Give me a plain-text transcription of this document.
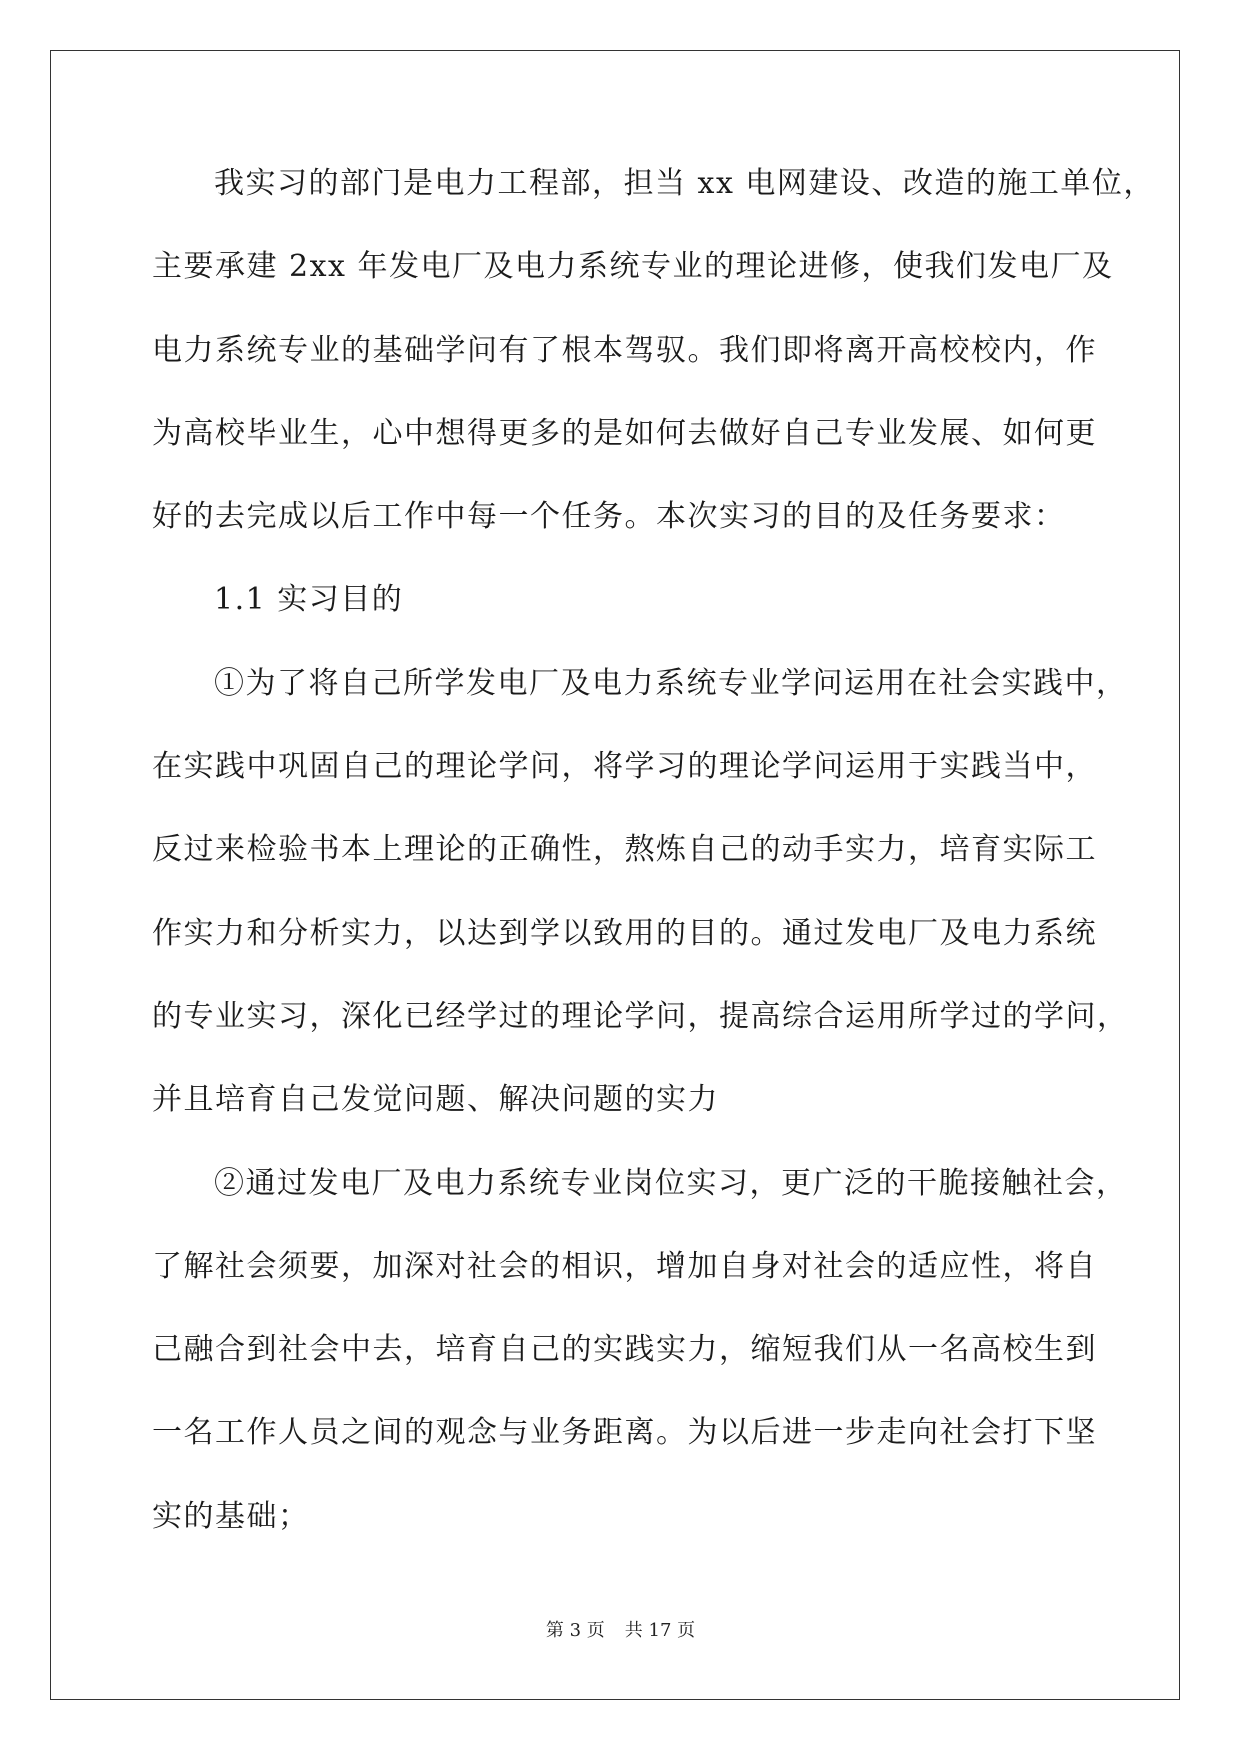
我实习的部门是电力工程部，担当 xx 电网建设、改造的施工单位，
主要承建 2xx 年发电厂及电力系统专业的理论进修，使我们发电厂及
电力系统专业的基础学问有了根本驾驭。我们即将离开高校校内，作
为高校毕业生，心中想得更多的是如何去做好自己专业发展、如何更
好的去完成以后工作中每一个任务。本次实习的目的及任务要求：
1.1 实习目的
①为了将自己所学发电厂及电力系统专业学问运用在社会实践中，
在实践中巩固自己的理论学问，将学习的理论学问运用于实践当中，
反过来检验书本上理论的正确性，熬炼自己的动手实力，培育实际工
作实力和分析实力，以达到学以致用的目的。通过发电厂及电力系统
的专业实习，深化已经学过的理论学问，提高综合运用所学过的学问，
并且培育自己发觉问题、解决问题的实力
②通过发电厂及电力系统专业岗位实习，更广泛的干脆接触社会，
了解社会须要，加深对社会的相识，增加自身对社会的适应性，将自
己融合到社会中去，培育自己的实践实力，缩短我们从一名高校生到
一名工作人员之间的观念与业务距离。为以后进一步走向社会打下坚
实的基础；
第 3 页 共 17 页
